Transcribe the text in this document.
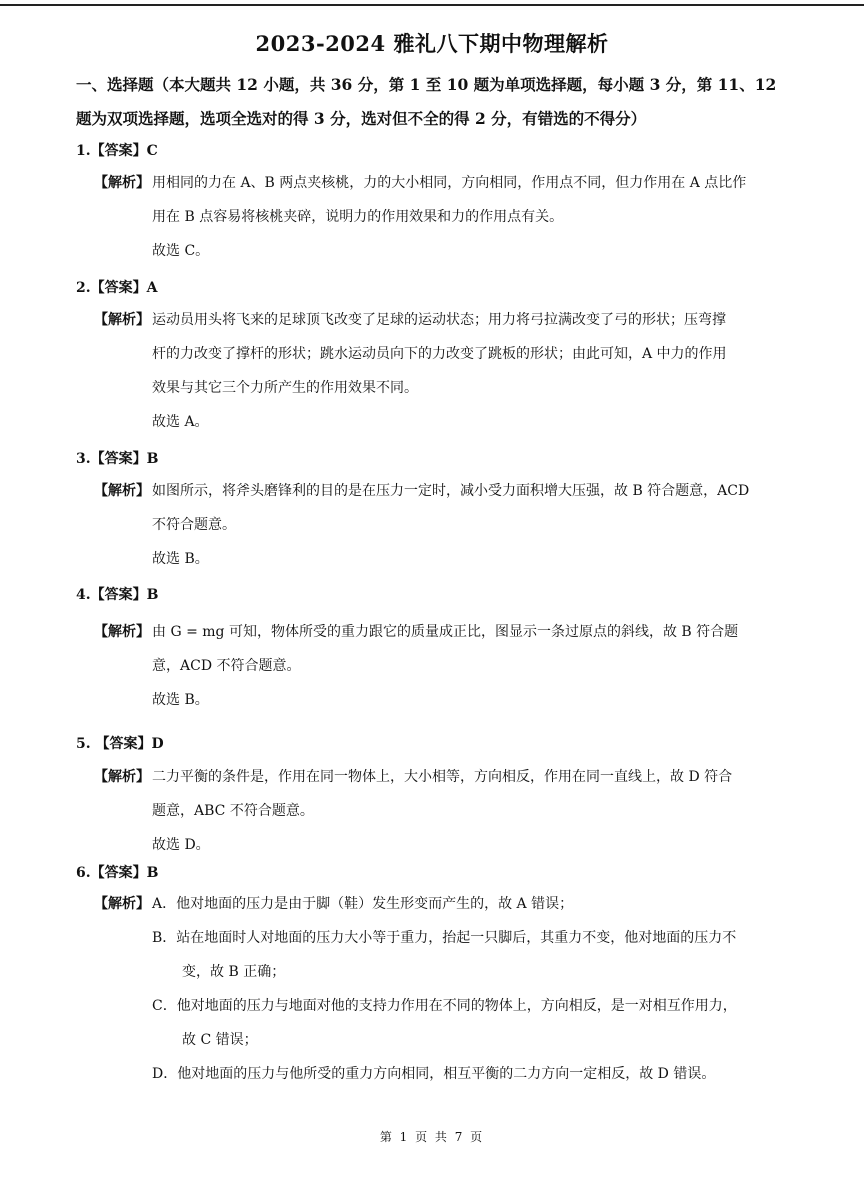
2023-2024 雅礼八下期中物理解析
一、选择题（本大题共 12 小题，共 36 分，第 1 至 10 题为单项选择题，每小题 3 分，第 11、12 题为双项选择题，选项全选对的得 3 分，选对但不全的得 2 分，有错选的不得分）
1.【答案】C
【解析】 用相同的力在 A、B 两点夹核桃，力的大小相同，方向相同，作用点不同，但力作用在 A 点比作
用在 B 点容易将核桃夹碎，说明力的作用效果和力的作用点有关。
故选 C。
2.【答案】A
【解析】 运动员用头将飞来的足球顶飞改变了足球的运动状态；用力将弓拉满改变了弓的形状；压弯撑
杆的力改变了撑杆的形状；跳水运动员向下的力改变了跳板的形状；由此可知，A 中力的作用
效果与其它三个力所产生的作用效果不同。
故选 A。
3.【答案】B
【解析】 如图所示，将斧头磨锋利的目的是在压力一定时，减小受力面积增大压强，故 B 符合题意，ACD
不符合题意。
故选 B。
4.【答案】B
【解析】 由 G = mg 可知，物体所受的重力跟它的质量成正比，图显示一条过原点的斜线，故 B 符合题
意，ACD 不符合题意。
故选 B。
5. 【答案】D
【解析】 二力平衡的条件是，作用在同一物体上，大小相等，方向相反，作用在同一直线上，故 D 符合
题意，ABC 不符合题意。
故选 D。
6.【答案】B
【解析】 A．他对地面的压力是由于脚（鞋）发生形变而产生的，故 A 错误；
B．站在地面时人对地面的压力大小等于重力，抬起一只脚后，其重力不变，他对地面的压力不
变，故 B 正确；
C．他对地面的压力与地面对他的支持力作用在不同的物体上，方向相反，是一对相互作用力，
故 C 错误；
D．他对地面的压力与他所受的重力方向相同，相互平衡的二力方向一定相反，故 D 错误。
第 1 页 共 7 页
